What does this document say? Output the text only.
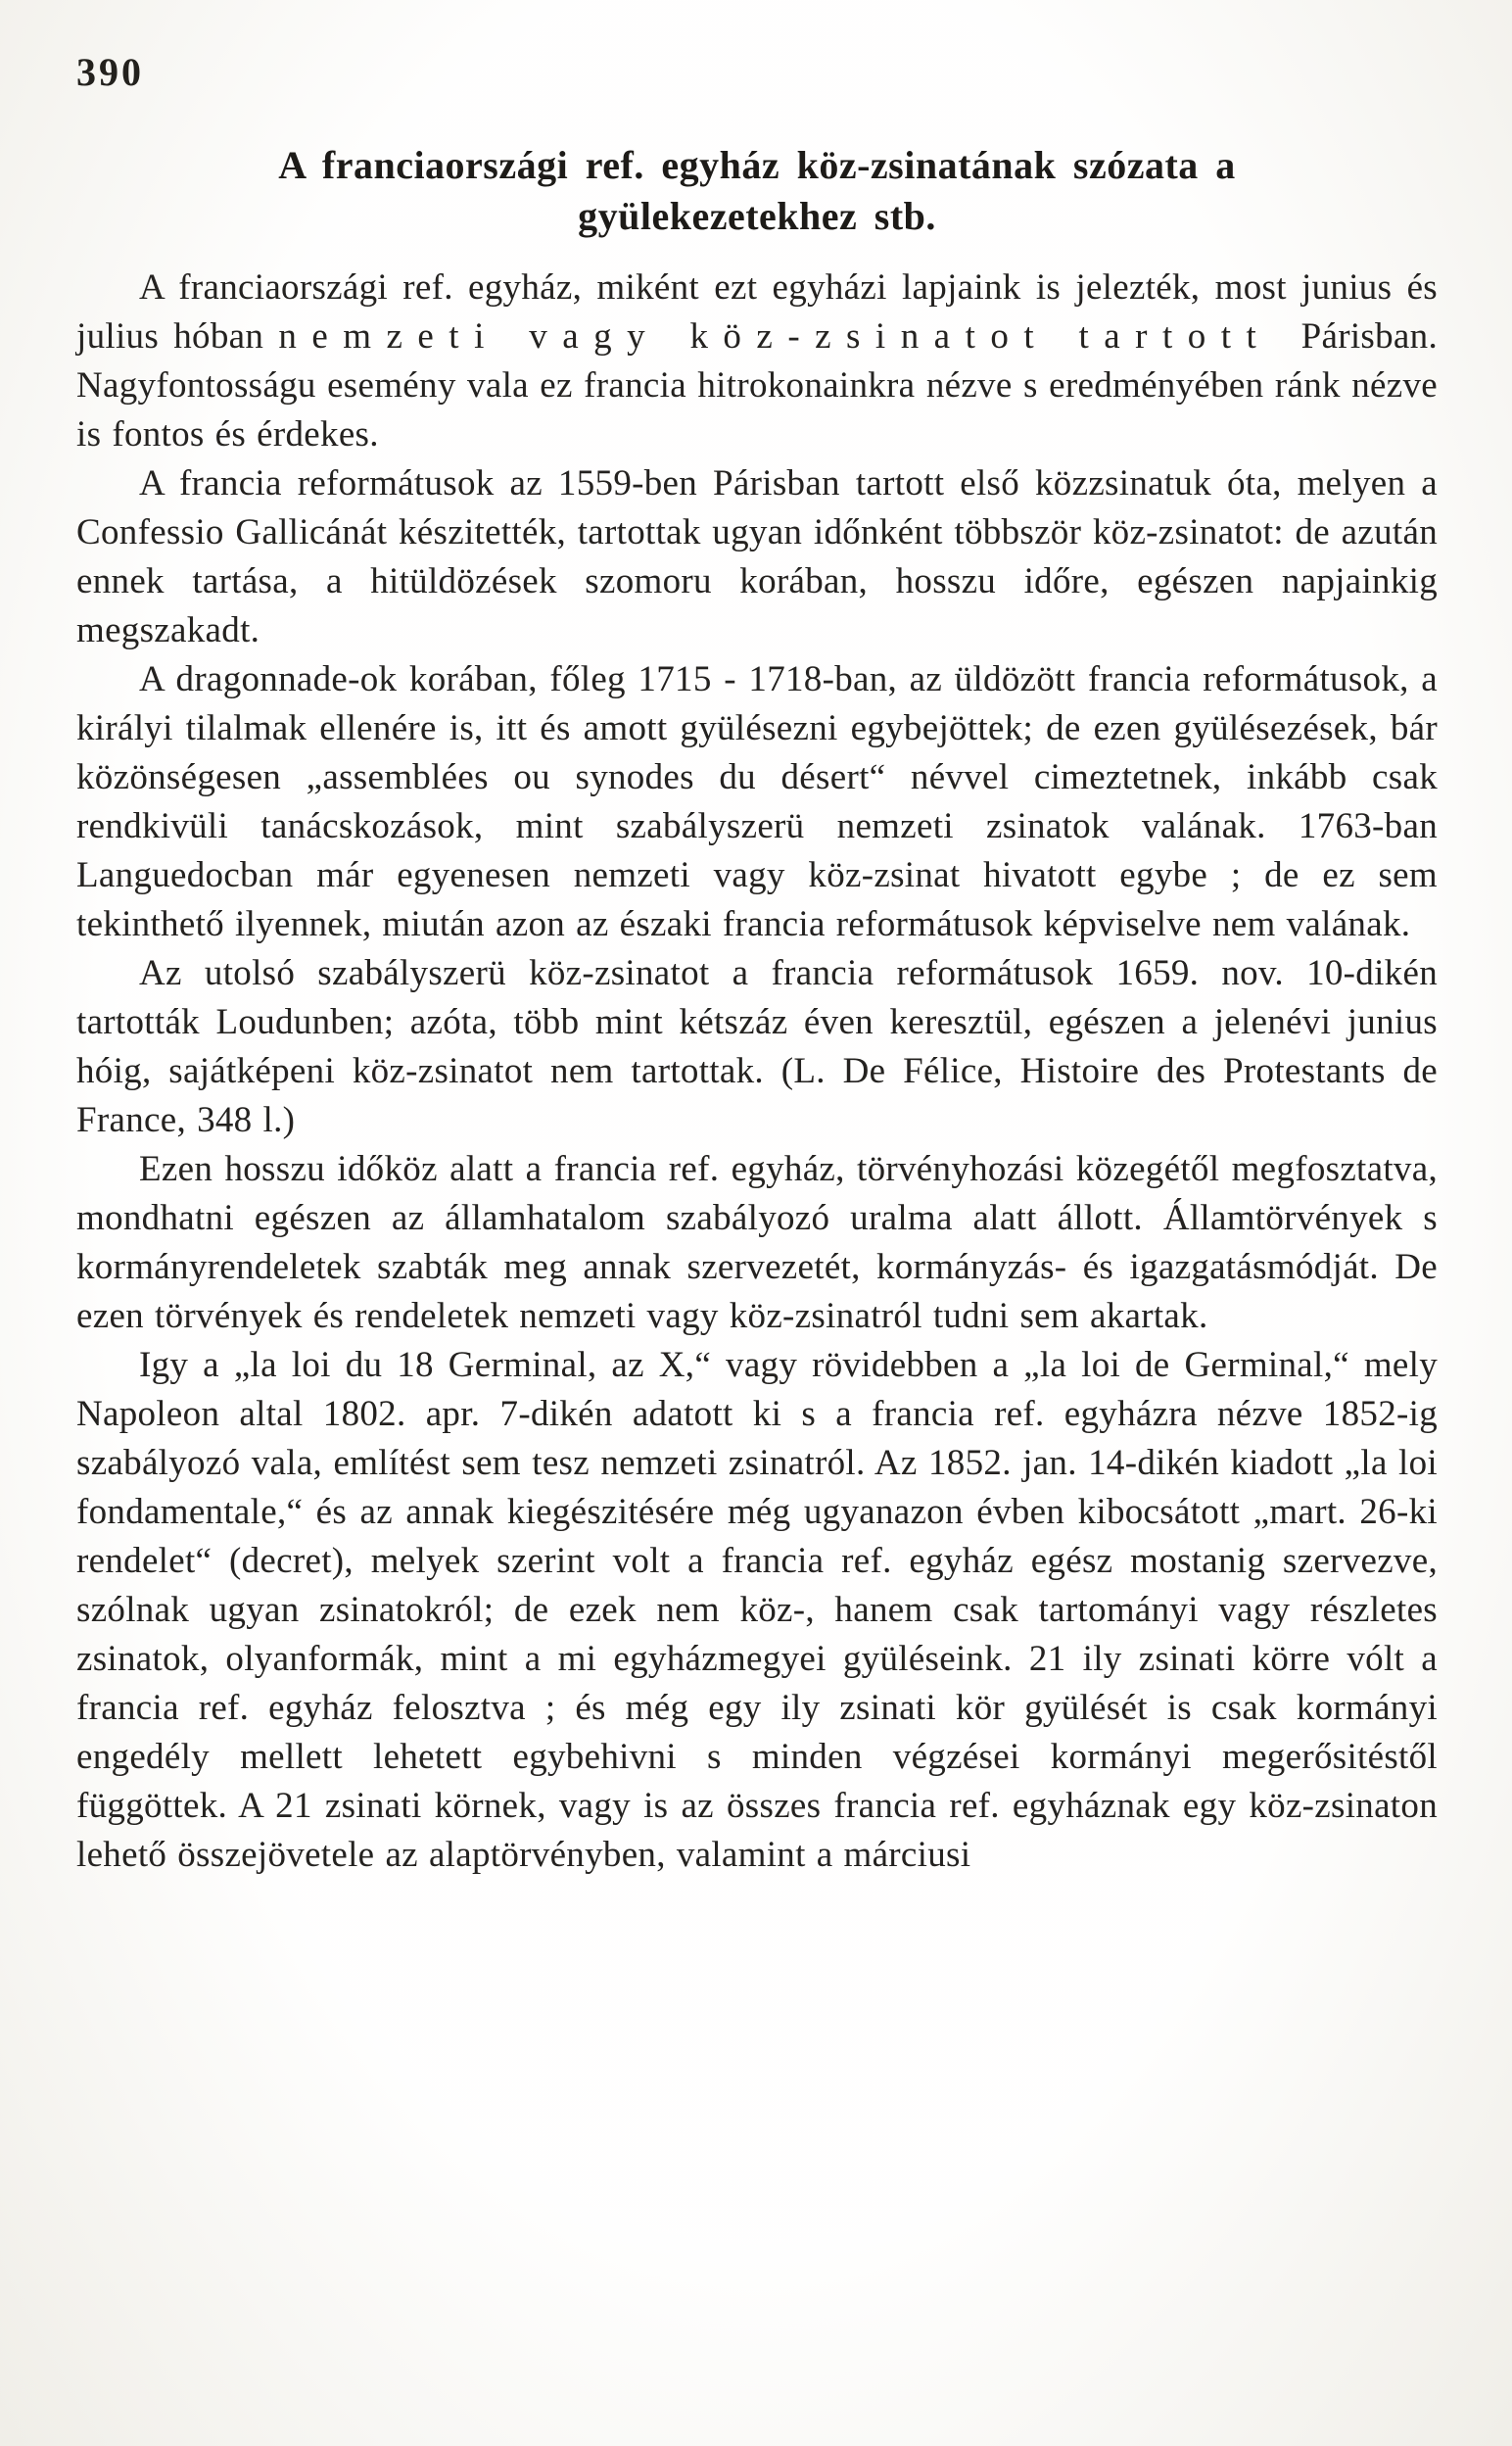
390
A franciaországi ref. egyház köz-zsinatának szózata a
gyülekezetekhez stb.

A franciaországi ref. egyház, miként ezt egyházi lapjaink is jelezték, most junius és julius hóban n e m z e t i   v a g y   k ö z - z s i n a t o t   t a r t o t t   Párisban. Nagyfontosságu esemény vala ez francia hitrokonainkra nézve s eredményében ránk nézve is fontos és érdekes.

A francia reformátusok az 1559-ben Párisban tartott első közzsinatuk óta, melyen a Confessio Gallicánát készitették, tartottak ugyan időnként többször köz-zsinatot: de azután ennek tartása, a hitüldözések szomoru korában, hosszu időre, egészen napjainkig megszakadt.

A dragonnade-ok korában, főleg 1715 - 1718-ban, az üldözött francia reformátusok, a királyi tilalmak ellenére is, itt és amott gyülésezni egybejöttek; de ezen gyülésezések, bár közönségesen „assemblées ou synodes du désert“ névvel cimeztetnek, inkább csak rendkivüli tanácskozások, mint szabályszerü nemzeti zsinatok valának. 1763-ban Languedocban már egyenesen nemzeti vagy köz-zsinat hivatott egybe ; de ez sem tekinthető ilyennek, miután azon az északi francia reformátusok képviselve nem valának.

Az utolsó szabályszerü köz-zsinatot a francia reformátusok 1659. nov. 10-dikén tartották Loudunben; azóta, több mint kétszáz éven keresztül, egészen a jelenévi junius hóig, sajátképeni köz-zsinatot nem tartottak. (L. De Félice, Histoire des Protestants de France, 348 l.)

Ezen hosszu időköz alatt a francia ref. egyház, törvényhozási közegétől megfosztatva, mondhatni egészen az államhatalom szabályozó uralma alatt állott. Államtörvények s kormányrendeletek szabták meg annak szervezetét, kormányzás- és igazgatásmódját. De ezen törvények és rendeletek nemzeti vagy köz-zsinatról tudni sem akartak.

Igy a „la loi du 18 Germinal, az X,“ vagy rövidebben a „la loi de Germinal,“ mely Napoleon altal 1802. apr. 7-dikén adatott ki s a francia ref. egyházra nézve 1852-ig szabályozó vala, említést sem tesz nemzeti zsinatról. Az 1852. jan. 14-dikén kiadott „la loi fondamentale,“ és az annak kiegészitésére még ugyanazon évben kibocsátott „mart. 26-ki rendelet“ (decret), melyek szerint volt a francia ref. egyház egész mostanig szervezve, szólnak ugyan zsinatokról; de ezek nem köz-, hanem csak tartományi vagy részletes zsinatok, olyanformák, mint a mi egyházmegyei gyüléseink. 21 ily zsinati körre vólt a francia ref. egyház felosztva ; és még egy ily zsinati kör gyülését is csak kormányi engedély mellett lehetett egybehivni s minden végzései kormányi megerősitéstől függöttek. A 21 zsinati körnek, vagy is az összes francia ref. egyháznak egy köz-zsinaton lehető összejövetele az alaptörvényben, valamint a márciusi
